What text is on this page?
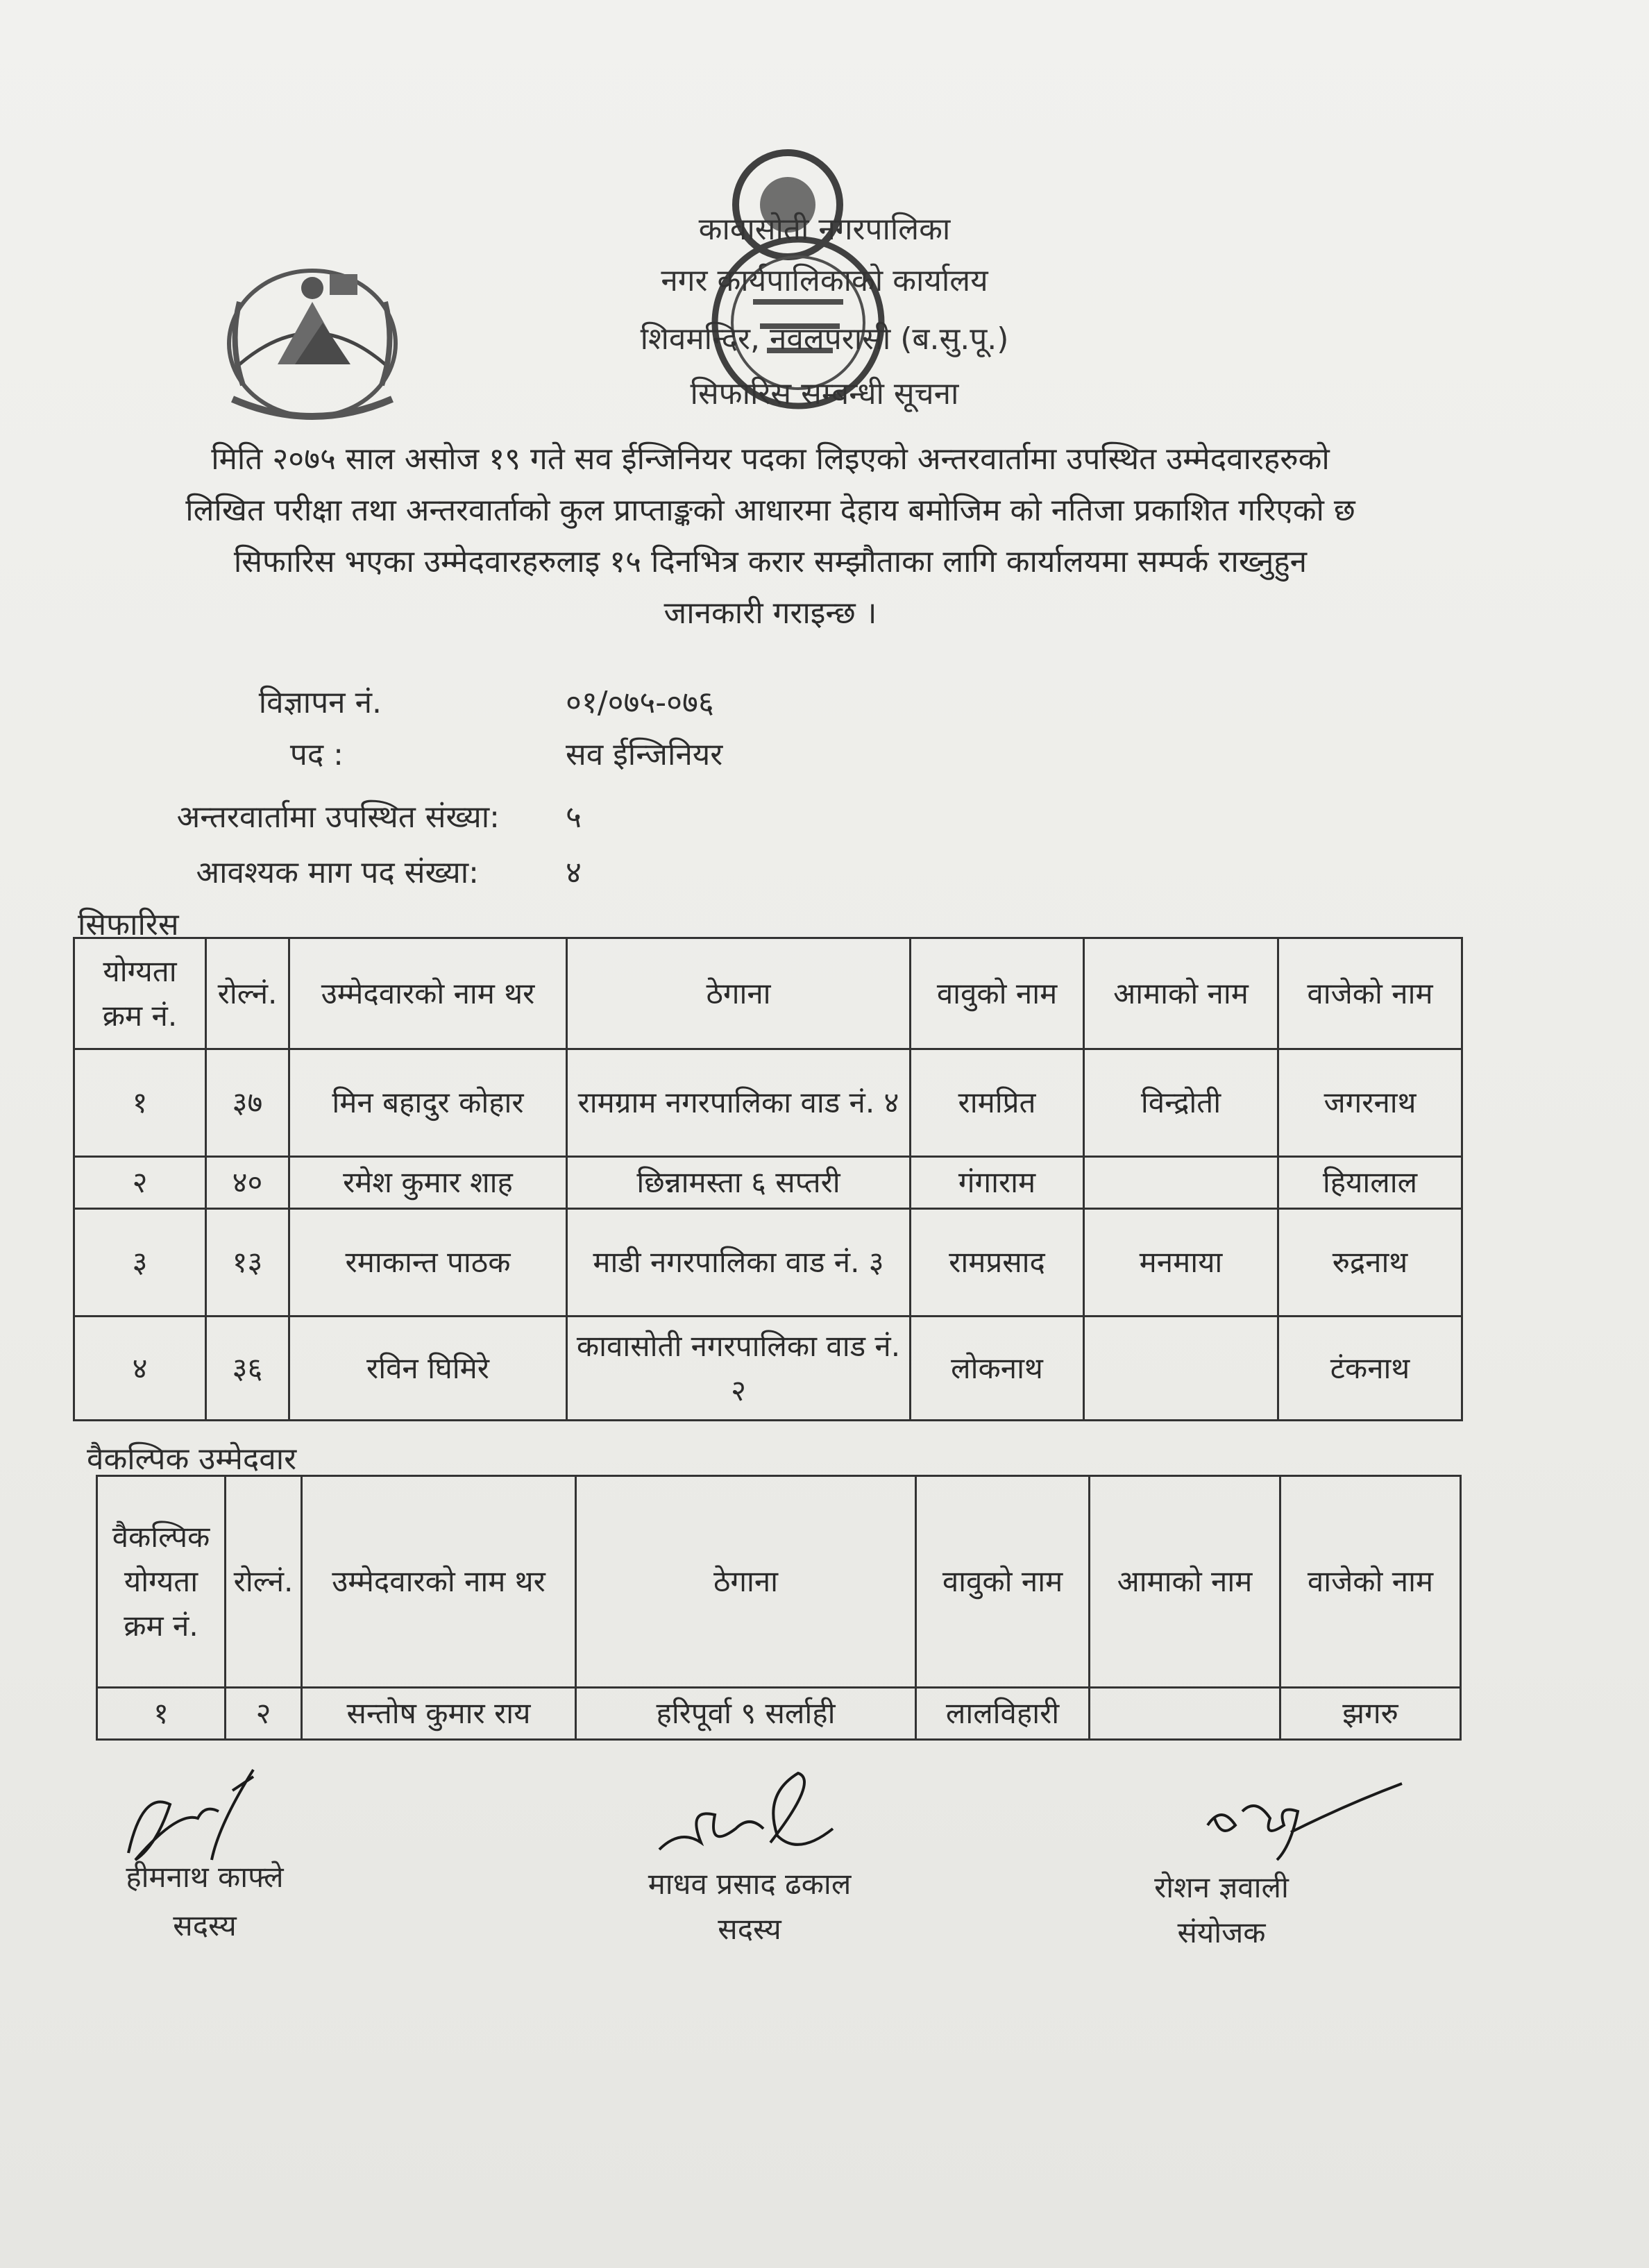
कावासोती नगरपालिका
नगर कार्यपालिकाको कार्यालय
शिवमन्दिर, नवलपरासी (ब.सु.पू.)
सिफारिस सम्बन्धी सूचना
मिति २०७५ साल असोज १९ गते सव ईन्जिनियर पदका लिइएको अन्तरवार्तामा उपस्थित उम्मेदवारहरुको
लिखित परीक्षा तथा अन्तरवार्ताको कुल प्राप्ताङ्कको आधारमा देहाय बमोजिम को नतिजा प्रकाशित गरिएको छ
सिफारिस भएका उम्मेदवारहरुलाइ १५ दिनभित्र करार सम्झौताका लागि कार्यालयमा सम्पर्क राख्नुहुन
जानकारी गराइन्छ ।
विज्ञापन नं.	०१/०७५-०७६
पद :	सव ईन्जिनियर
अन्तरवार्तामा उपस्थित संख्या: ५
आवश्यक माग पद संख्या:	४
सिफारिस
योग्यता क्रम नं.	रोल्नं.	उम्मेदवारको नाम थर	ठेगाना	वावुको नाम	आमाको नाम	वाजेको नाम
१	३७	मिन बहादुर कोहार	रामग्राम नगरपालिका वाड नं. ४	रामप्रित	विन्द्रोती	जगरनाथ
२	४०	रमेश कुमार शाह	छिन्नामस्ता ६ सप्तरी	गंगाराम		हियालाल
३	१३	रमाकान्त पाठक	माडी नगरपालिका वाड नं. ३	रामप्रसाद	मनमाया	रुद्रनाथ
४	३६	रविन घिमिरे	कावासोती नगरपालिका वाड नं. २	लोकनाथ		टंकनाथ
वैकल्पिक उम्मेदवार
वैकल्पिक योग्यता क्रम नं.	रोल्नं.	उम्मेदवारको नाम थर	ठेगाना	वावुको नाम	आमाको नाम	वाजेको नाम
१	२	सन्तोष कुमार राय	हरिपूर्वा ९ सर्लाही	लालविहारी		झगरु
हीमनाथ काफ्ले
सदस्य
माधव प्रसाद ढकाल
सदस्य
रोशन ज्ञवाली
संयोजक
